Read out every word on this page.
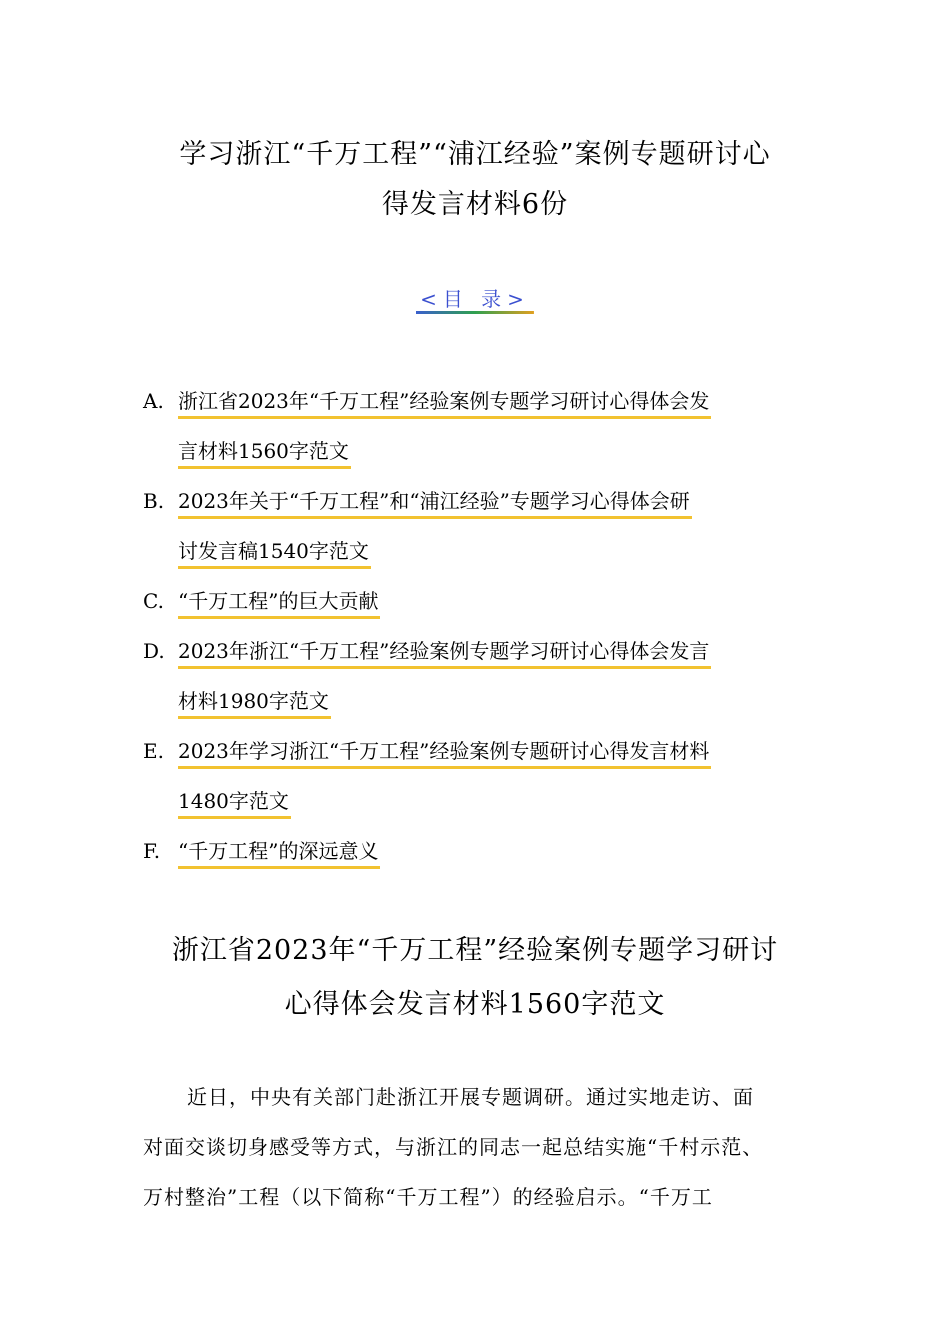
学习浙江“千万工程”“浦江经验”案例专题研讨心
得发言材料6份
<目 录>
A. 浙江省2023年“千万工程”经验案例专题学习研讨心得体会发
言材料1560字范文
B. 2023年关于“千万工程”和“浦江经验”专题学习心得体会研
讨发言稿1540字范文
C. “千万工程”的巨大贡献
D. 2023年浙江“千万工程”经验案例专题学习研讨心得体会发言
材料1980字范文
E. 2023年学习浙江“千万工程”经验案例专题研讨心得发言材料
1480字范文
F. “千万工程”的深远意义
浙江省2023年“千万工程”经验案例专题学习研讨
心得体会发言材料1560字范文
近日，中央有关部门赴浙江开展专题调研。通过实地走访、面
对面交谈切身感受等方式，与浙江的同志一起总结实施“千村示范、
万村整治”工程（以下简称“千万工程”）的经验启示。“千万工
